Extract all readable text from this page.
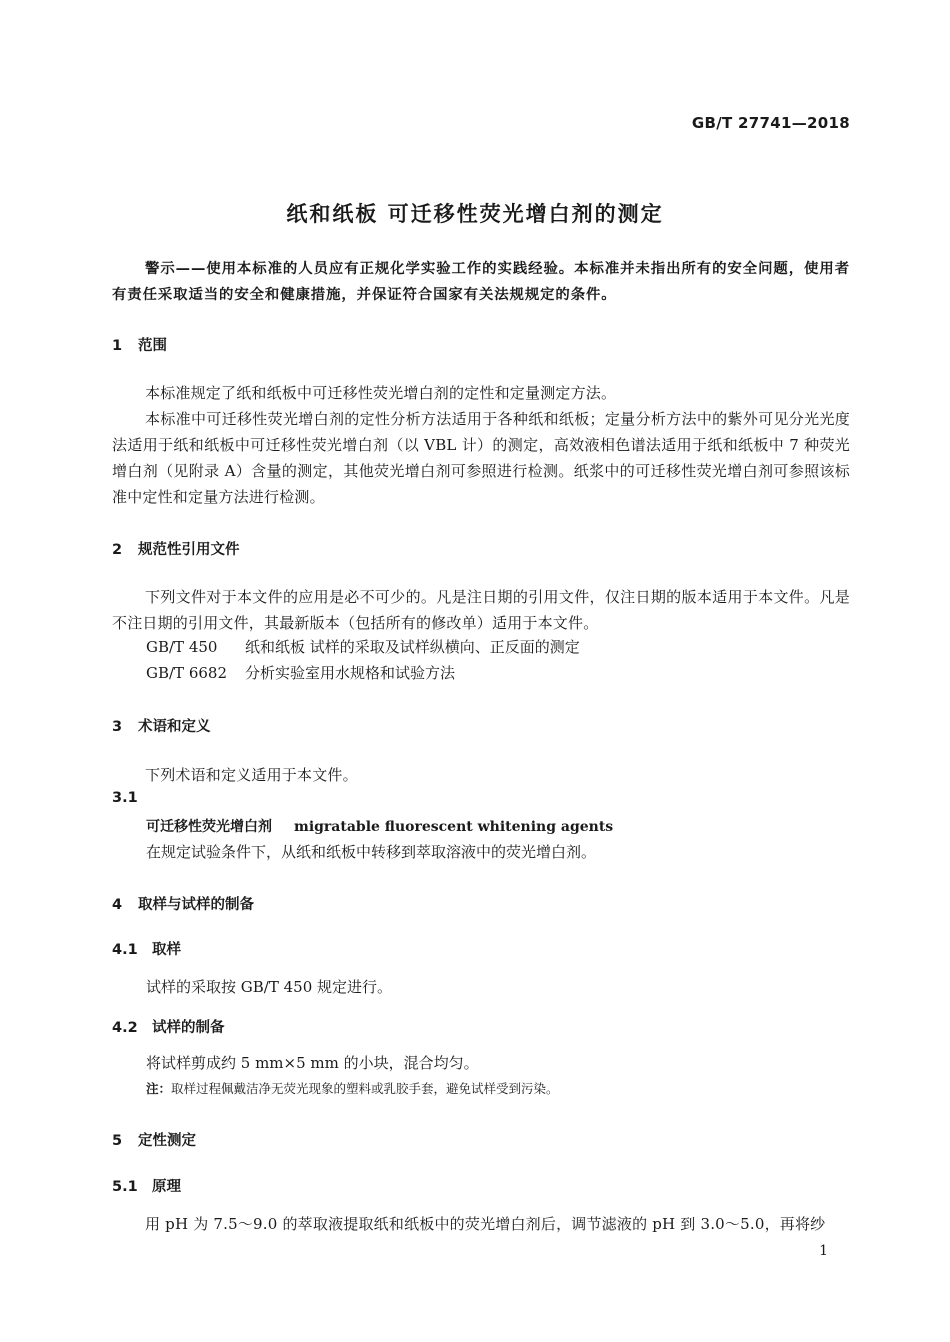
GB/T 27741—2018
纸和纸板 可迁移性荧光增白剂的测定
警示——使用本标准的人员应有正规化学实验工作的实践经验。本标准并未指出所有的安全问题，使用者有责任采取适当的安全和健康措施，并保证符合国家有关法规规定的条件。
1 范围
本标准规定了纸和纸板中可迁移性荧光增白剂的定性和定量测定方法。
本标准中可迁移性荧光增白剂的定性分析方法适用于各种纸和纸板；定量分析方法中的紫外可见分光光度法适用于纸和纸板中可迁移性荧光增白剂（以 VBL 计）的测定，高效液相色谱法适用于纸和纸板中 7 种荧光增白剂（见附录 A）含量的测定，其他荧光增白剂可参照进行检测。纸浆中的可迁移性荧光增白剂可参照该标准中定性和定量方法进行检测。
2 规范性引用文件
下列文件对于本文件的应用是必不可少的。凡是注日期的引用文件，仅注日期的版本适用于本文件。凡是不注日期的引用文件，其最新版本（包括所有的修改单）适用于本文件。
GB/T 450 纸和纸板 试样的采取及试样纵横向、正反面的测定
GB/T 6682 分析实验室用水规格和试验方法
3 术语和定义
下列术语和定义适用于本文件。
3.1
可迁移性荧光增白剂 migratable fluorescent whitening agents
在规定试验条件下，从纸和纸板中转移到萃取溶液中的荧光增白剂。
4 取样与试样的制备
4.1 取样
试样的采取按 GB/T 450 规定进行。
4.2 试样的制备
将试样剪成约 5 mm×5 mm 的小块，混合均匀。
注：取样过程佩戴洁净无荧光现象的塑料或乳胶手套，避免试样受到污染。
5 定性测定
5.1 原理
用 pH 为 7.5～9.0 的萃取液提取纸和纸板中的荧光增白剂后，调节滤液的 pH 到 3.0～5.0，再将纱
1
